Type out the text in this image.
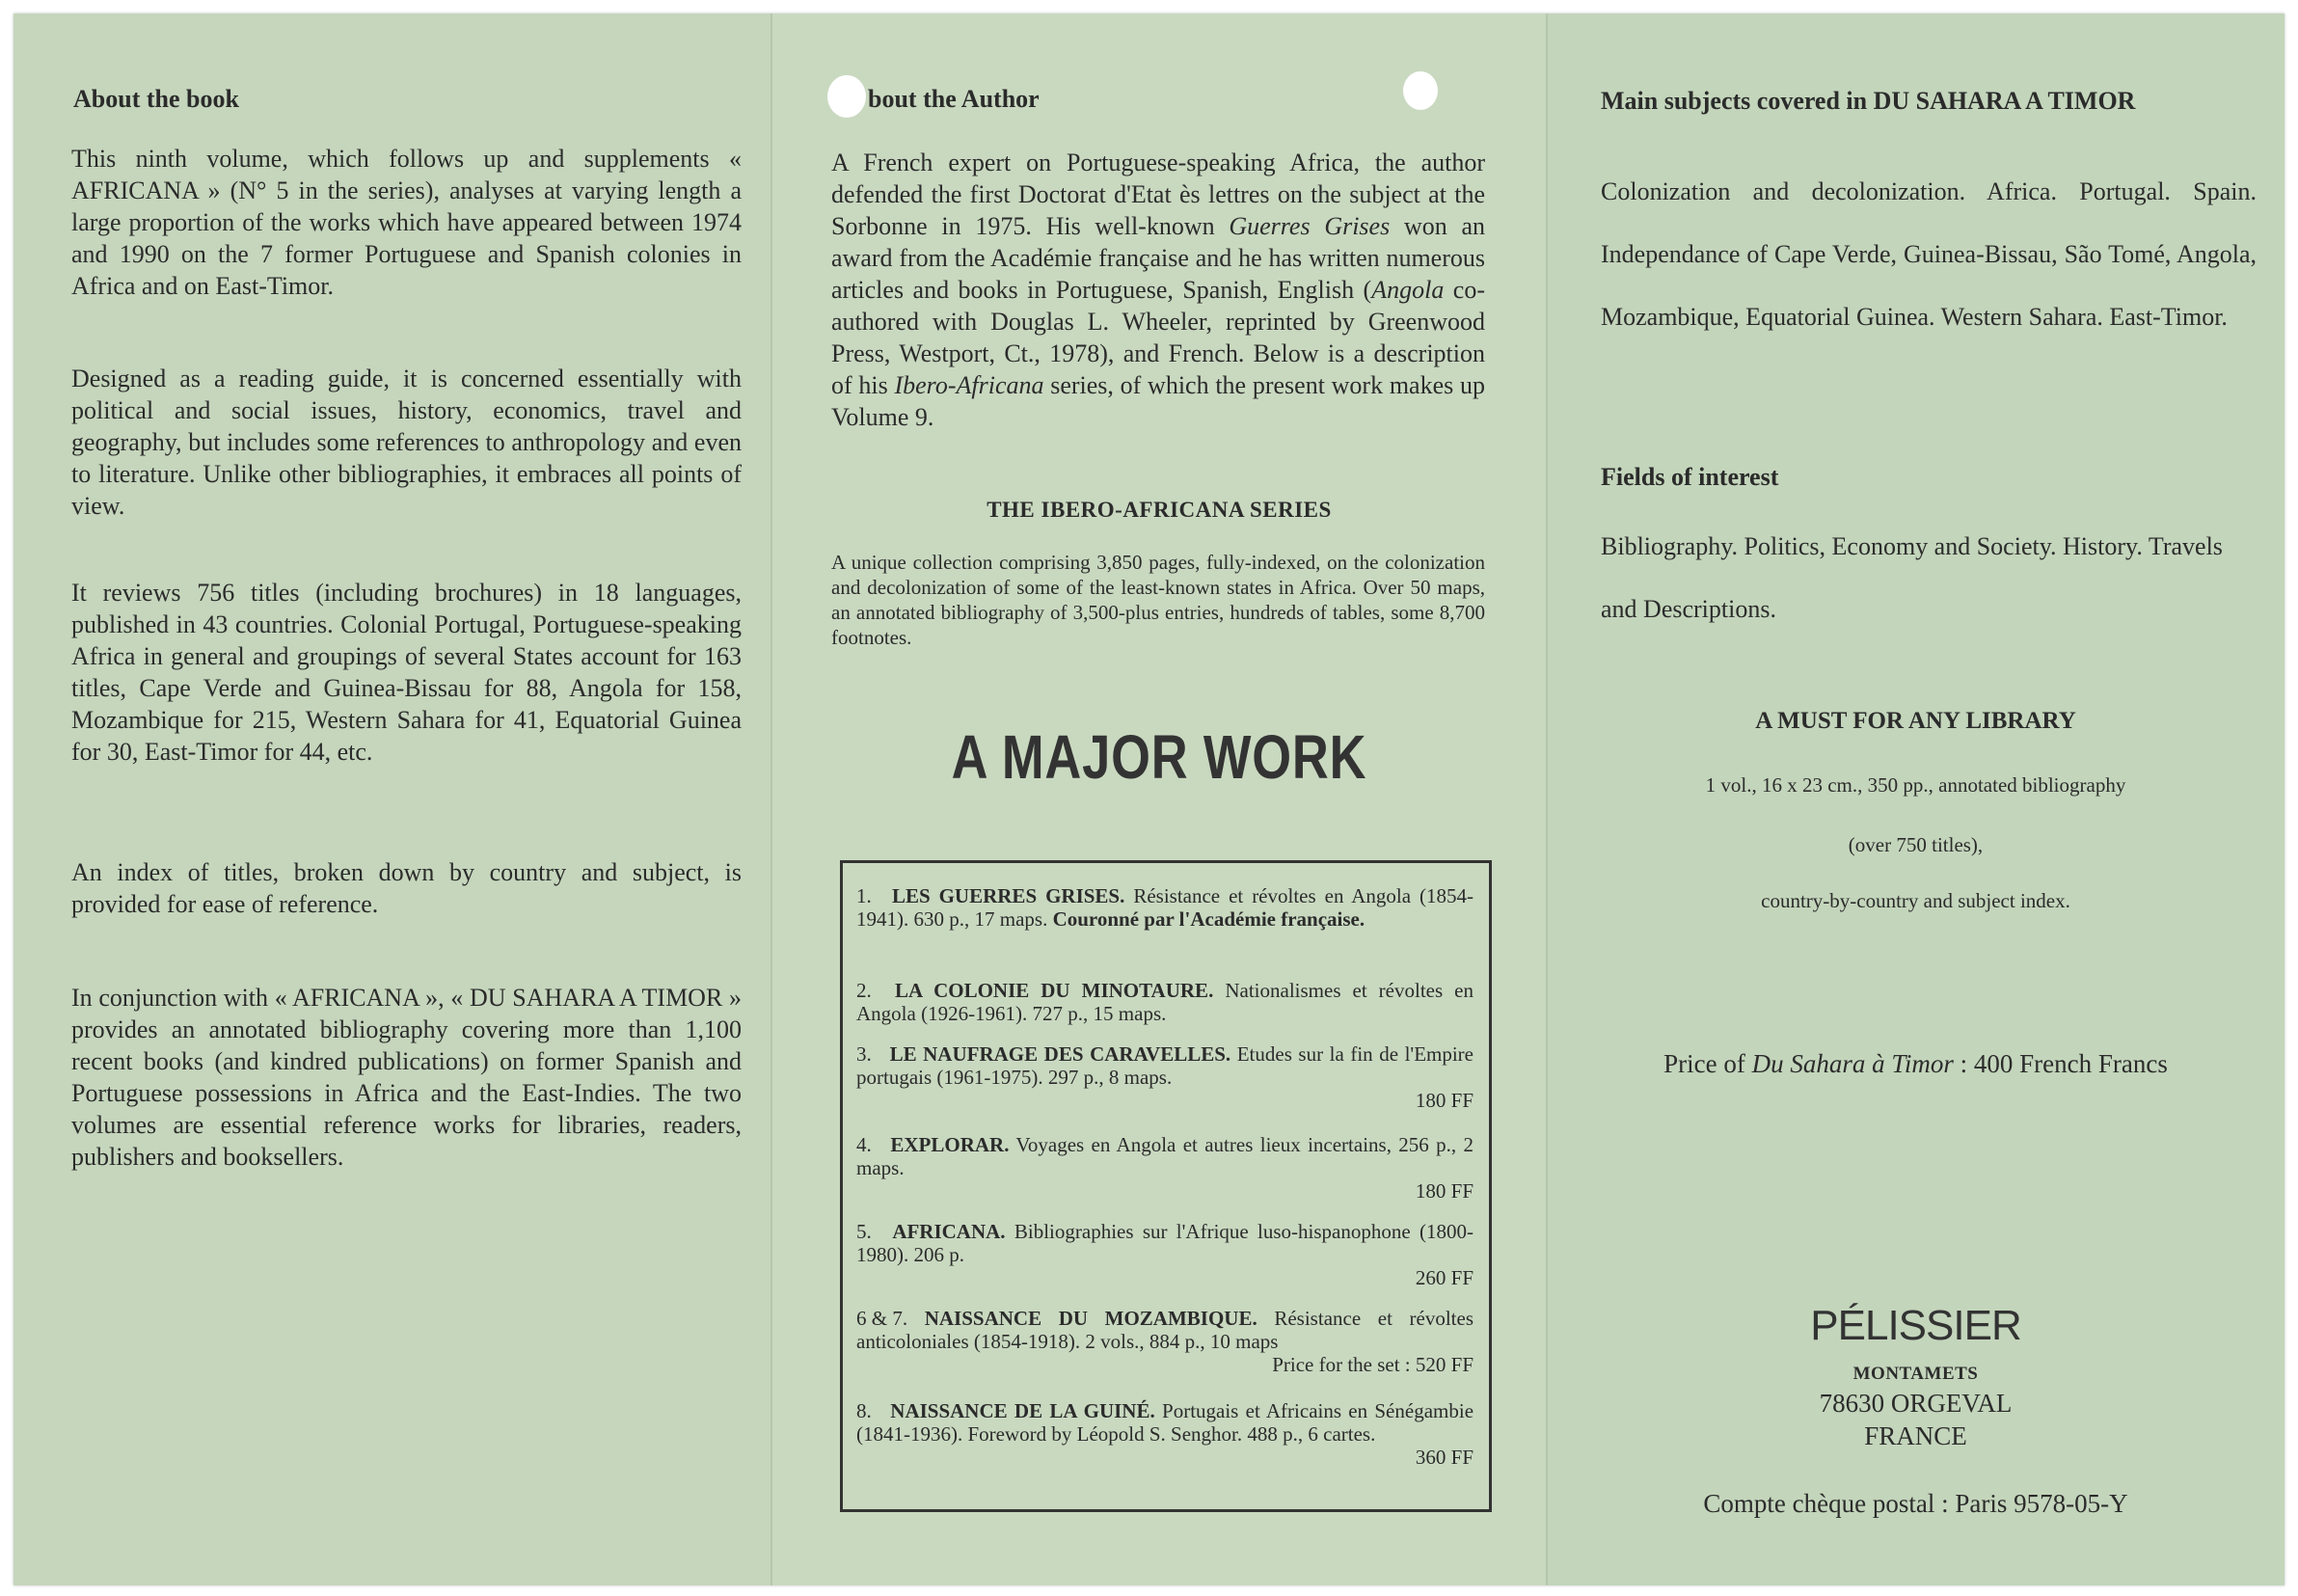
About the book
This ninth volume, which follows up and supplements « AFRICANA » (N° 5 in the series), analyses at varying length a large proportion of the works which have appeared between 1974 and 1990 on the 7 former Portuguese and Spanish colonies in Africa and on East-Timor.
Designed as a reading guide, it is concerned essentially with political and social issues, history, economics, travel and geography, but includes some references to anthropology and even to literature. Unlike other bibliographies, it embraces all points of view.
It reviews 756 titles (including brochures) in 18 languages, published in 43 countries. Colonial Portugal, Portuguese-speaking Africa in general and groupings of several States account for 163 titles, Cape Verde and Guinea-Bissau for 88, Angola for 158, Mozambique for 215, Western Sahara for 41, Equatorial Guinea for 30, East-Timor for 44, etc.
An index of titles, broken down by country and subject, is provided for ease of reference.
In conjunction with « AFRICANA », « DU SAHARA A TIMOR » provides an annotated bibliography covering more than 1,100 recent books (and kindred publications) on former Spanish and Portuguese possessions in Africa and the East-Indies. The two volumes are essential reference works for libraries, readers, publishers and booksellers.
bout the Author
A French expert on Portuguese-speaking Africa, the author defended the first Doctorat d'Etat ès lettres on the subject at the Sorbonne in 1975. His well-known Guerres Grises won an award from the Académie française and he has written numerous articles and books in Portuguese, Spanish, English (Angola co-authored with Douglas L. Wheeler, reprinted by Greenwood Press, Westport, Ct., 1978), and French. Below is a description of his Ibero-Africana series, of which the present work makes up Volume 9.
THE IBERO-AFRICANA SERIES
A unique collection comprising 3,850 pages, fully-indexed, on the colonization and decolonization of some of the least-known states in Africa. Over 50 maps, an annotated bibliography of 3,500-plus entries, hundreds of tables, some 8,700 footnotes.
A MAJOR WORK
1. LES GUERRES GRISES. Résistance et révoltes en Angola (1854-1941). 630 p., 17 maps. Couronné par l'Académie française.
2. LA COLONIE DU MINOTAURE. Nationalismes et révoltes en Angola (1926-1961). 727 p., 15 maps.
3. LE NAUFRAGE DES CARAVELLES. Etudes sur la fin de l'Empire portugais (1961-1975). 297 p., 8 maps.
180 FF
4. EXPLORAR. Voyages en Angola et autres lieux incertains, 256 p., 2 maps.
180 FF
5. AFRICANA. Bibliographies sur l'Afrique luso-hispanophone (1800-1980). 206 p.
260 FF
6 & 7. NAISSANCE DU MOZAMBIQUE. Résistance et révoltes anticoloniales (1854-1918). 2 vols., 884 p., 10 maps
Price for the set : 520 FF
8. NAISSANCE DE LA GUINÉ. Portugais et Africains en Sénégambie (1841-1936). Foreword by Léopold S. Senghor. 488 p., 6 cartes.
360 FF
Main subjects covered in DU SAHARA A TIMOR
Colonization and decolonization. Africa. Portugal. Spain. Independance of Cape Verde, Guinea-Bissau, São Tomé, Angola, Mozambique, Equatorial Guinea. Western Sahara. East-Timor.
Fields of interest
Bibliography. Politics, Economy and Society. History. Travels and Descriptions.
A MUST FOR ANY LIBRARY
1 vol., 16 x 23 cm., 350 pp., annotated bibliography
(over 750 titles),
country-by-country and subject index.
Price of Du Sahara à Timor : 400 French Francs
PÉLISSIER
MONTAMETS
78630 ORGEVAL
FRANCE
Compte chèque postal : Paris 9578-05-Y
